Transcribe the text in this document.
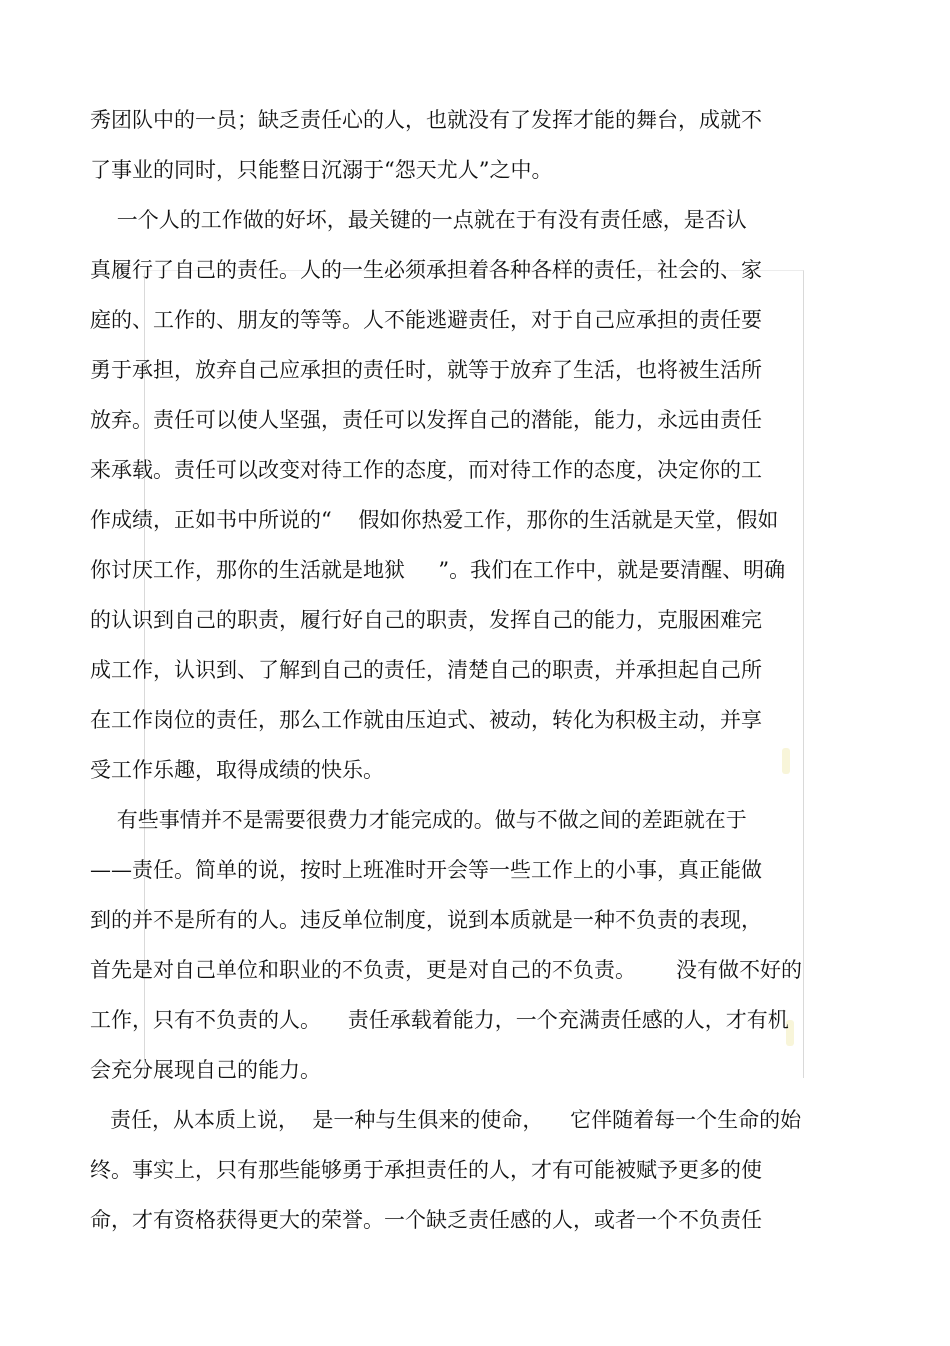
秀团队中的一员；缺乏责任心的人，也就没有了发挥才能的舞台，成就不
了事业的同时，只能整日沉溺于“怨天尤人”之中。
一个人的工作做的好坏，最关键的一点就在于有没有责任感，是否认
真履行了自己的责任。人的一生必须承担着各种各样的责任，社会的、家
庭的、工作的、朋友的等等。人不能逃避责任，对于自己应承担的责任要
勇于承担，放弃自己应承担的责任时，就等于放弃了生活，也将被生活所
放弃。责任可以使人坚强，责任可以发挥自己的潜能，能力，永远由责任
来承载。责任可以改变对待工作的态度，而对待工作的态度，决定你的工
作成绩，正如书中所说的“    假如你热爱工作，那你的生活就是天堂，假如
你讨厌工作，那你的生活就是地狱     ”。我们在工作中，就是要清醒、明确
的认识到自己的职责，履行好自己的职责，发挥自己的能力，克服困难完
成工作，认识到、了解到自己的责任，清楚自己的职责，并承担起自己所
在工作岗位的责任，那么工作就由压迫式、被动，转化为积极主动，并享
受工作乐趣，取得成绩的快乐。
有些事情并不是需要很费力才能完成的。做与不做之间的差距就在于
——责任。简单的说，按时上班准时开会等一些工作上的小事，真正能做
到的并不是所有的人。违反单位制度，说到本质就是一种不负责的表现，
首先是对自己单位和职业的不负责，更是对自己的不负责。      没有做不好的
工作，只有不负责的人。    责任承载着能力，一个充满责任感的人，才有机
会充分展现自己的能力。
责任，从本质上说，  是一种与生俱来的使命，    它伴随着每一个生命的始
终。事实上，只有那些能够勇于承担责任的人，才有可能被赋予更多的使
命，才有资格获得更大的荣誉。一个缺乏责任感的人，或者一个不负责任
